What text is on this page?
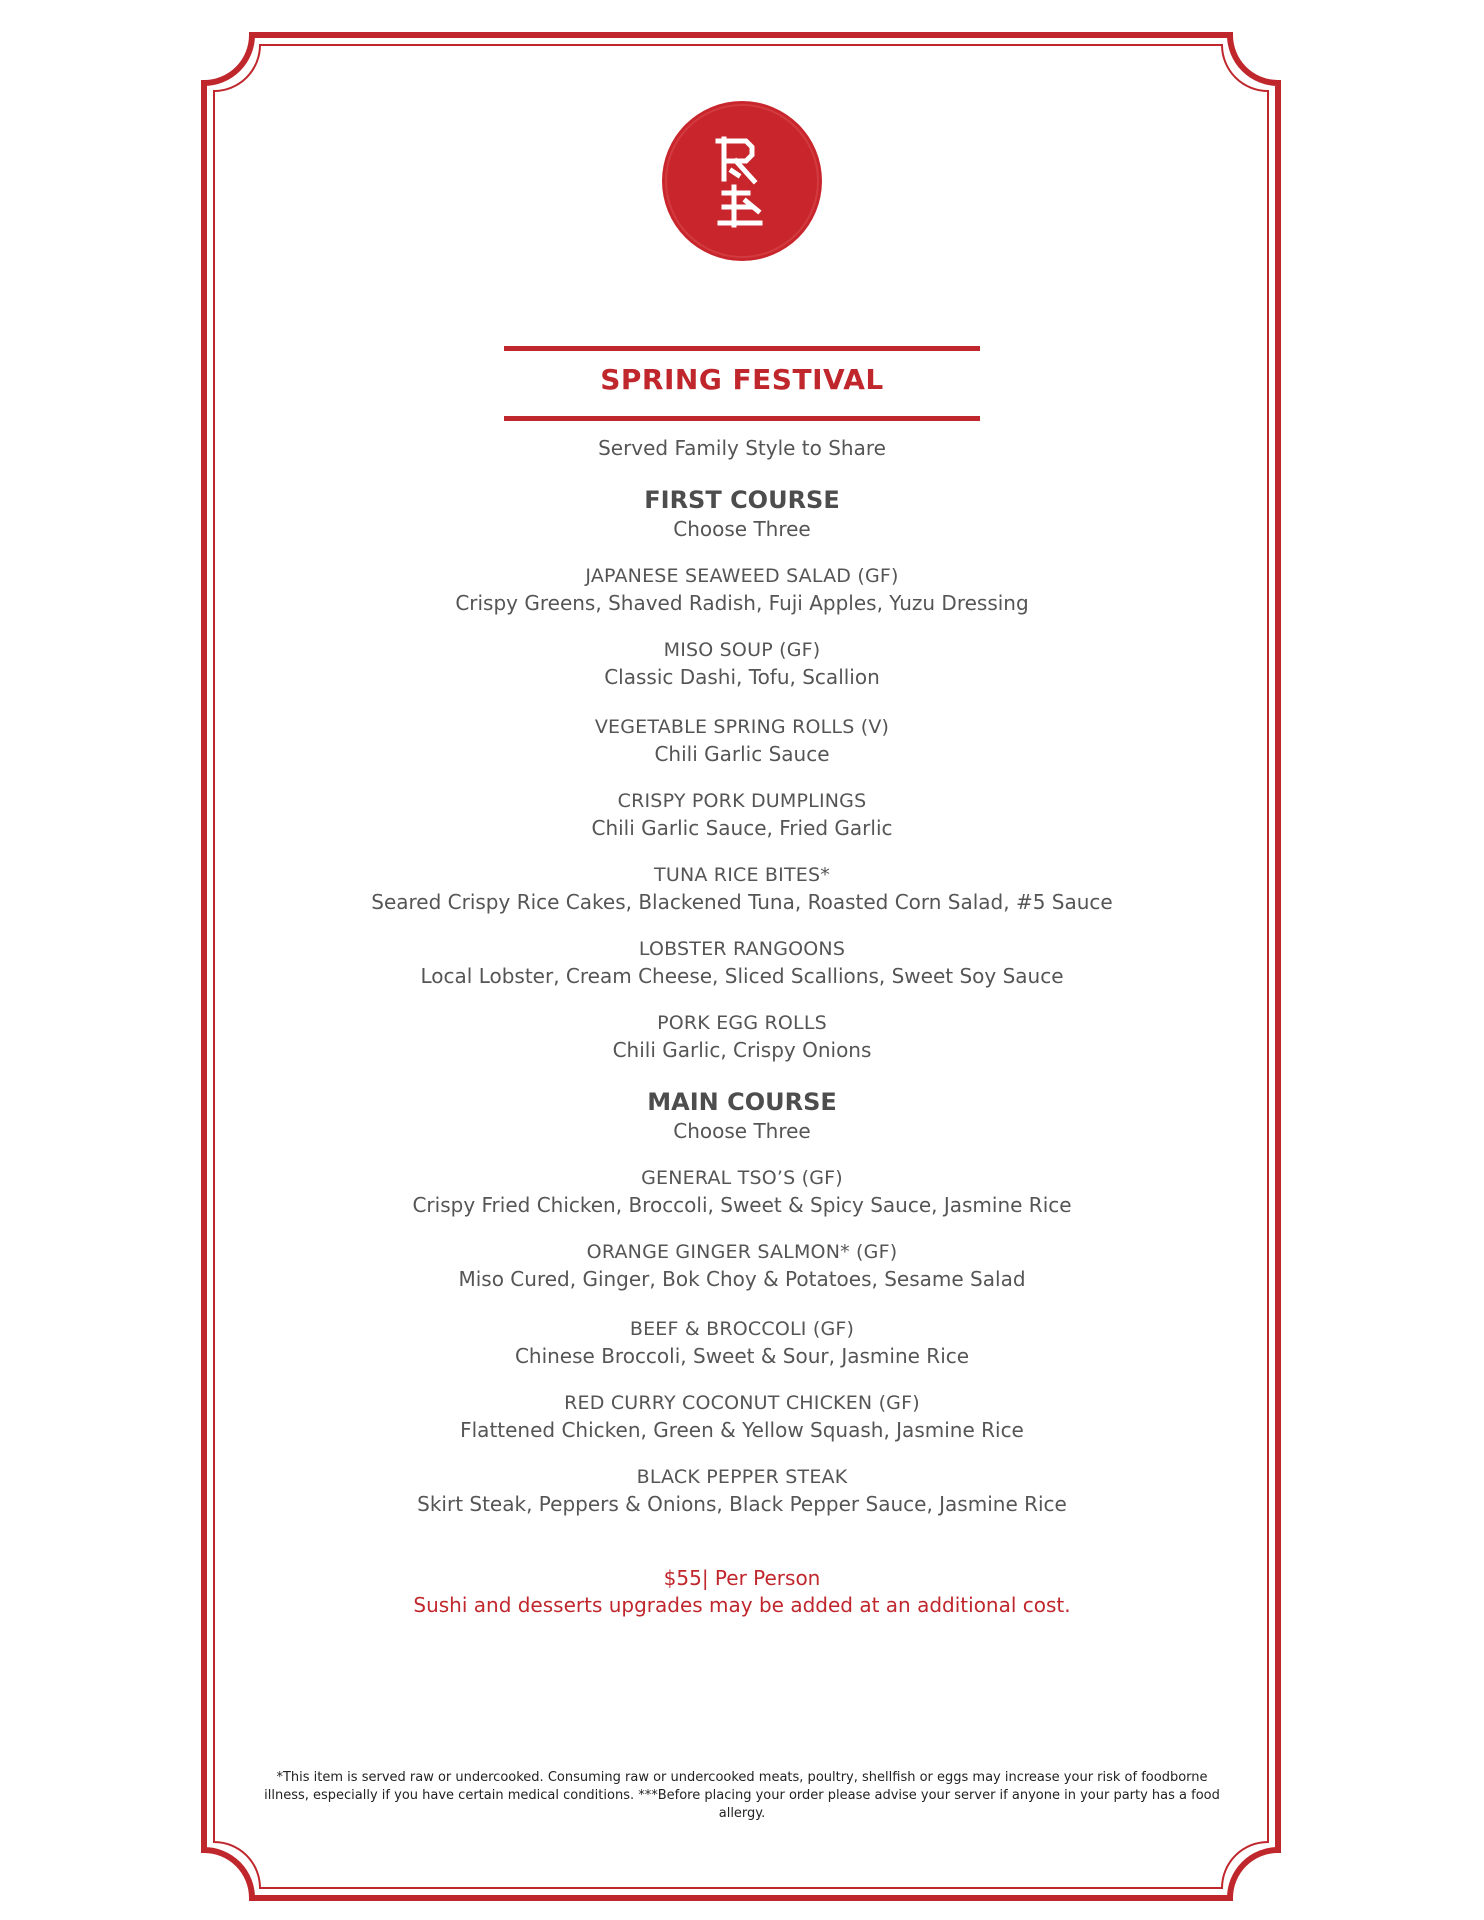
SPRING FESTIVAL
Served Family Style to Share
FIRST COURSE
Choose Three
JAPANESE SEAWEED SALAD (GF)
Crispy Greens, Shaved Radish, Fuji Apples, Yuzu Dressing
MISO SOUP (GF)
Classic Dashi, Tofu, Scallion
VEGETABLE SPRING ROLLS (V)
Chili Garlic Sauce
CRISPY PORK DUMPLINGS
Chili Garlic Sauce, Fried Garlic
TUNA RICE BITES*
Seared Crispy Rice Cakes, Blackened Tuna, Roasted Corn Salad, #5 Sauce
LOBSTER RANGOONS
Local Lobster, Cream Cheese, Sliced Scallions, Sweet Soy Sauce
PORK EGG ROLLS
Chili Garlic, Crispy Onions
MAIN COURSE
Choose Three
GENERAL TSO’S (GF)
Crispy Fried Chicken, Broccoli, Sweet & Spicy Sauce, Jasmine Rice
ORANGE GINGER SALMON* (GF)
Miso Cured, Ginger, Bok Choy & Potatoes, Sesame Salad
BEEF & BROCCOLI (GF)
Chinese Broccoli, Sweet & Sour, Jasmine Rice
RED CURRY COCONUT CHICKEN (GF)
Flattened Chicken, Green & Yellow Squash, Jasmine Rice
BLACK PEPPER STEAK
Skirt Steak, Peppers & Onions, Black Pepper Sauce, Jasmine Rice
$55| Per Person
Sushi and desserts upgrades may be added at an additional cost.
*This item is served raw or undercooked. Consuming raw or undercooked meats, poultry, shellfish or eggs may increase your risk of foodborne illness, especially if you have certain medical conditions. ***Before placing your order please advise your server if anyone in your party has a food allergy.
